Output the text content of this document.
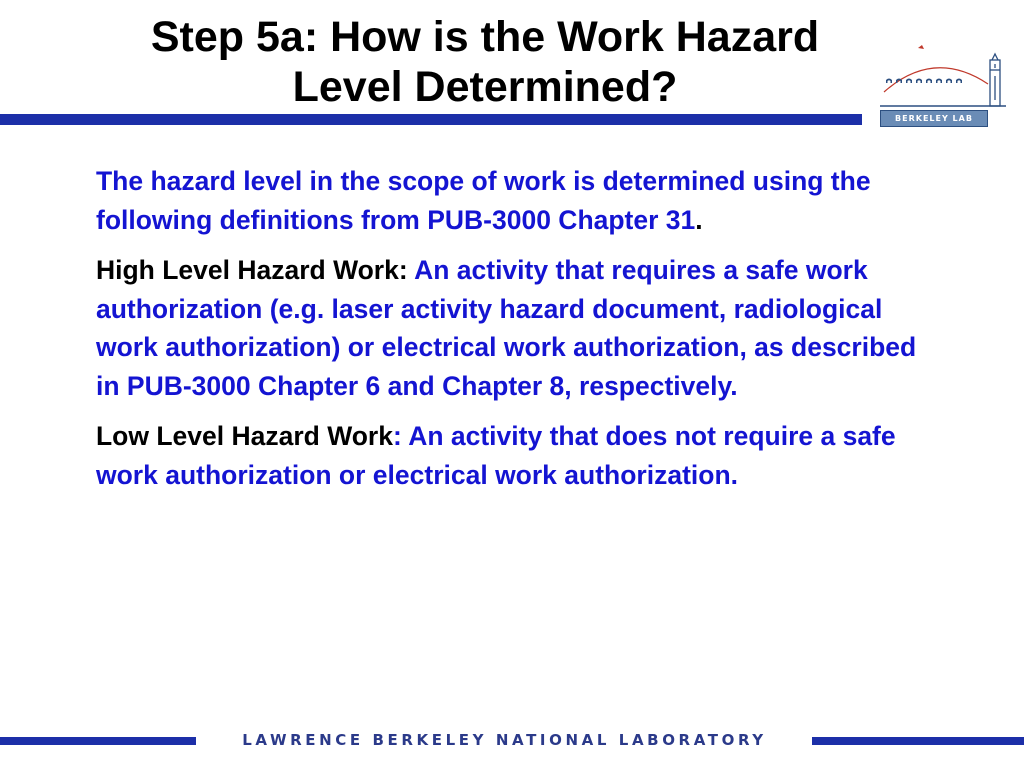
Step 5a: How is the Work Hazard
Level Determined?
BERKELEY LAB

The hazard level in the scope of work is determined using the following definitions from PUB-3000 Chapter 31.

High Level Hazard Work: An activity that requires a safe work authorization (e.g. laser activity hazard document, radiological work authorization) or electrical work authorization, as described in PUB-3000 Chapter 6 and Chapter 8, respectively.

Low Level Hazard Work: An activity that does not require a safe work authorization or electrical work authorization.

LAWRENCE BERKELEY NATIONAL LABORATORY
